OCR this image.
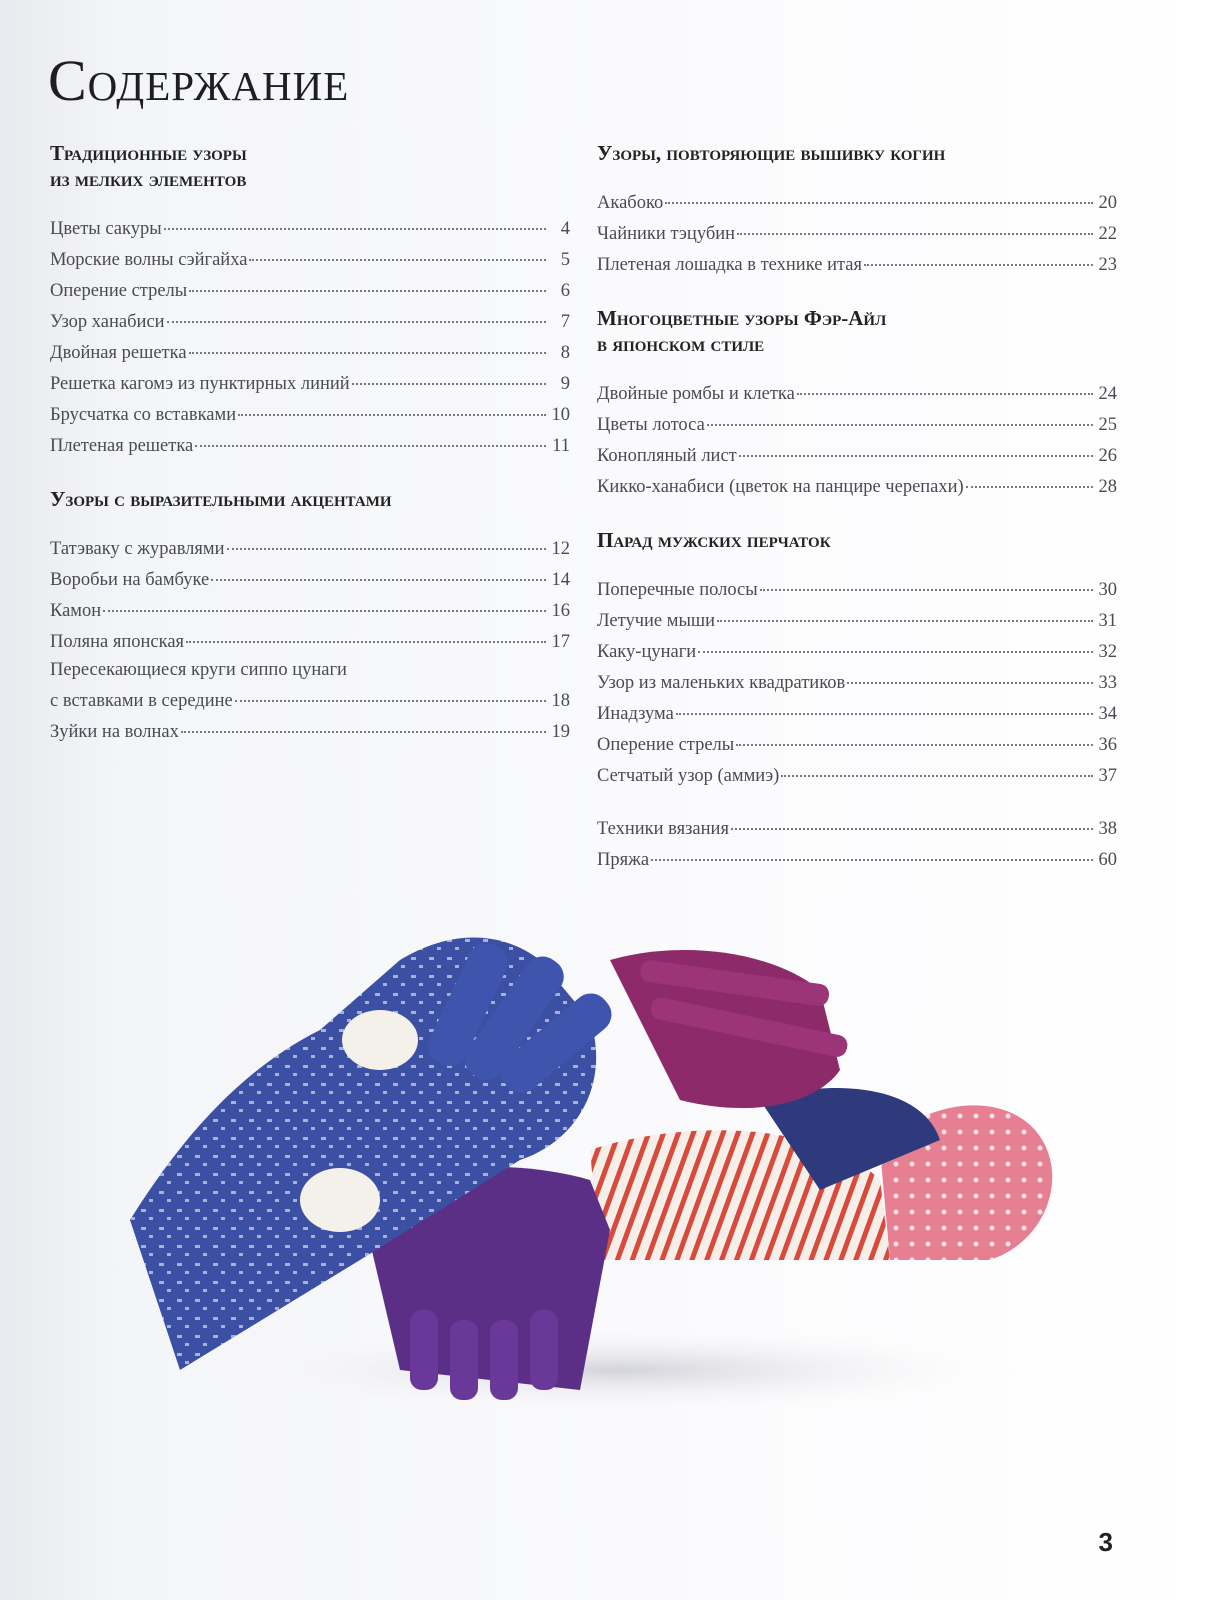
Содержание
Традиционные узоры
из мелких элементов
Цветы сакуры	4
Морские волны сэйгайха	5
Оперение стрелы	6
Узор ханабиси	7
Двойная решетка	8
Решетка кагомэ из пунктирных линий	9
Брусчатка со вставками	10
Плетеная решетка	11
Узоры с выразительными акцентами
Татэваку с журавлями	12
Воробьи на бамбуке	14
Камон	16
Поляна японская	17
Пересекающиеся круги сиппо цунаги
с вставками в середине	18
Зуйки на волнах	19
Узоры, повторяющие вышивку когин
Акабоко	20
Чайники тэцубин	22
Плетеная лошадка в технике итая	23
Многоцветные узоры Фэр-Айл
в японском стиле
Двойные ромбы и клетка	24
Цветы лотоса	25
Конопляный лист	26
Кикко-ханабиси (цветок на панцире черепахи)	28
Парад мужских перчаток
Поперечные полосы	30
Летучие мыши	31
Каку-цунаги	32
Узор из маленьких квадратиков	33
Инадзума	34
Оперение стрелы	36
Сетчатый узор (аммиэ)	37
Техники вязания	38
Пряжа	60
3
